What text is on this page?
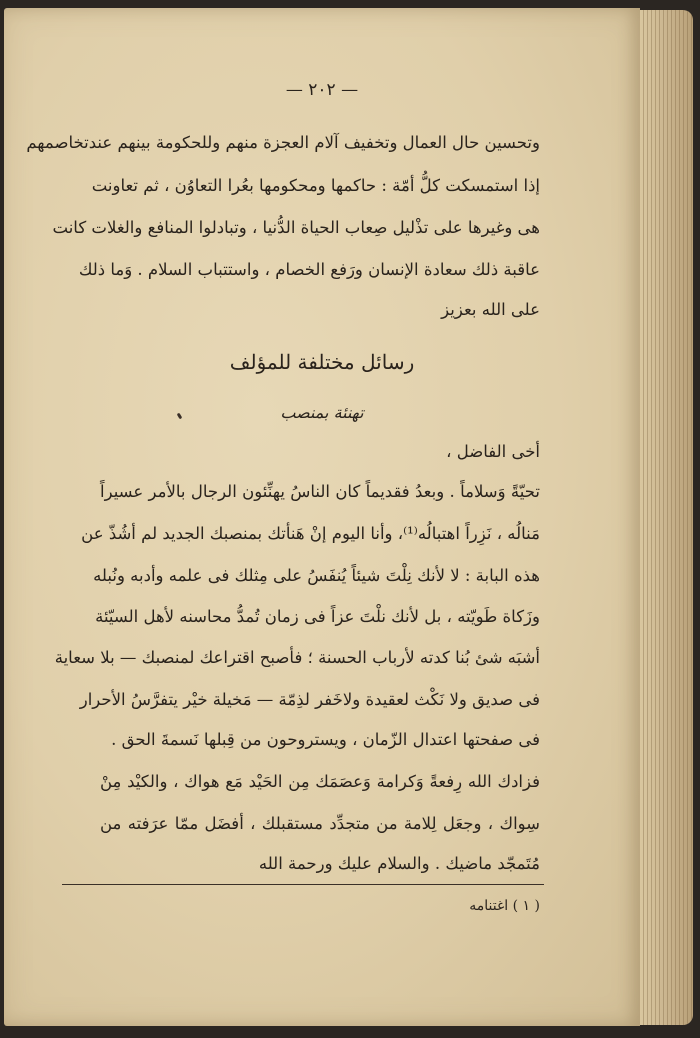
— ٢٠٢ —
وتحسين حال العمال وتخفيف آلام العجزة منهم وللحكومة بينهم عندتخاصمهم
إذا استمسكت كلُّ أمّة : حاكمها ومحكومها بعُرا التعاوُن ، ثم تعاونت
هى وغيرها على تذْليل صِعاب الحياة الدُّنيا ، وتبادلوا المنافع والغلات كانت
عاقبة ذلك سعادة الإنسان ورَفع الخصام ، واستتباب السلام . وَما ذلك
على الله بعزيز
رسائل مختلفة للمؤلف
تهنئة بمنصب
أخى الفاضل ،
تحيّةً وَسلاماً . وبعدُ فقديماً كان الناسُ يهنِّئون الرجال بالأمر عسيراً
مَنالُه ، نَزِراً اهتبالُه⁽¹⁾، وأنا اليوم إنْ هَنأتك بمنصبك الجديد لم أشُذّ عن
هذه البابة : لا لأنك نِلْتَ شيئاً يُنفَسُ على مِثلك فى علمه وأدبه ونُبله
وزَكاة طَويّته ، بل لأنك نلْتَ عزاً فى زمان تُمدُّ محاسنه لأهل السيّئة
أشبَه شئ بُنا كدته لأرباب الحسنة ؛ فأصبح اقتراعك لمنصبك — بلا سعاية
فى صديق ولا نَكْث لعقيدة ولاخَفر لذِمّة — مَخيلة خيْر يتفرَّسُ الأحرار
فى صفحتها اعتدال الزّمان ، ويستروحون من قِبلها نَسمةَ الحق .
فزادك الله رِفعةً وَكرامة وَعصَمَك مِن الحَيْد مَع هواك ، والكيْد مِنْ
سِواك ، وجعَل لِلامة من متجدِّد مستقبلك ، أفضَل ممّا عرَفته من
مُتَمجّد ماضيك . والسلام عليك ورحمة الله
( ١ ) اغتنامه
